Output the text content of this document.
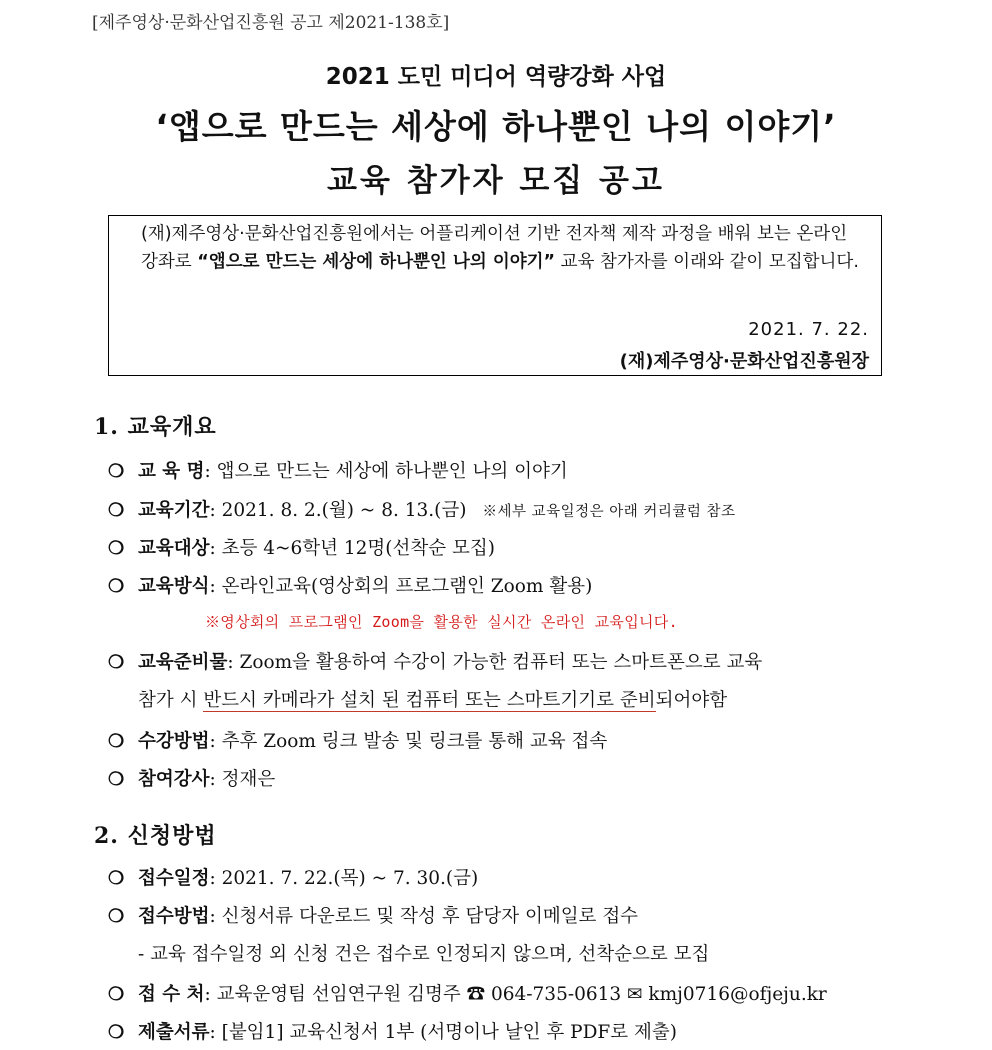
[제주영상·문화산업진흥원 공고 제2021-138호]
2021 도민 미디어 역량강화 사업
‘앱으로 만드는 세상에 하나뿐인 나의 이야기’
교육 참가자 모집 공고
(재)제주영상·문화산업진흥원에서는 어플리케이션 기반 전자책 제작 과정을 배워 보는 온라인 강좌로 “앱으로 만드는 세상에 하나뿐인 나의 이야기” 교육 참가자를 이래와 같이 모집합니다.
2021. 7. 22.
(재)제주영상·문화산업진흥원장
1. 교육개요
❍ 교 육 명: 앱으로 만드는 세상에 하나뿐인 나의 이야기
❍ 교육기간: 2021. 8. 2.(월) ~ 8. 13.(금) ※세부 교육일정은 아래 커리큘럼 참조
❍ 교육대상: 초등 4~6학년 12명(선착순 모집)
❍ 교육방식: 온라인교육(영상회의 프로그램인 Zoom 활용)
※영상회의 프로그램인 Zoom을 활용한 실시간 온라인 교육입니다.
❍ 교육준비물: Zoom을 활용하여 수강이 가능한 컴퓨터 또는 스마트폰으로 교육
참가 시 반드시 카메라가 설치 된 컴퓨터 또는 스마트기기로 준비되어야함
❍ 수강방법: 추후 Zoom 링크 발송 및 링크를 통해 교육 접속
❍ 참여강사: 정재은
2. 신청방법
❍ 접수일정: 2021. 7. 22.(목) ~ 7. 30.(금)
❍ 접수방법: 신청서류 다운로드 및 작성 후 담당자 이메일로 접수
- 교육 접수일정 외 신청 건은 접수로 인정되지 않으며, 선착순으로 모집
❍ 접 수 처: 교육운영팀 선임연구원 김명주 ☎ 064-735-0613 ✉ kmj0716@ofjeju.kr
❍ 제출서류: [붙임1] 교육신청서 1부 (서명이나 날인 후 PDF로 제출)
